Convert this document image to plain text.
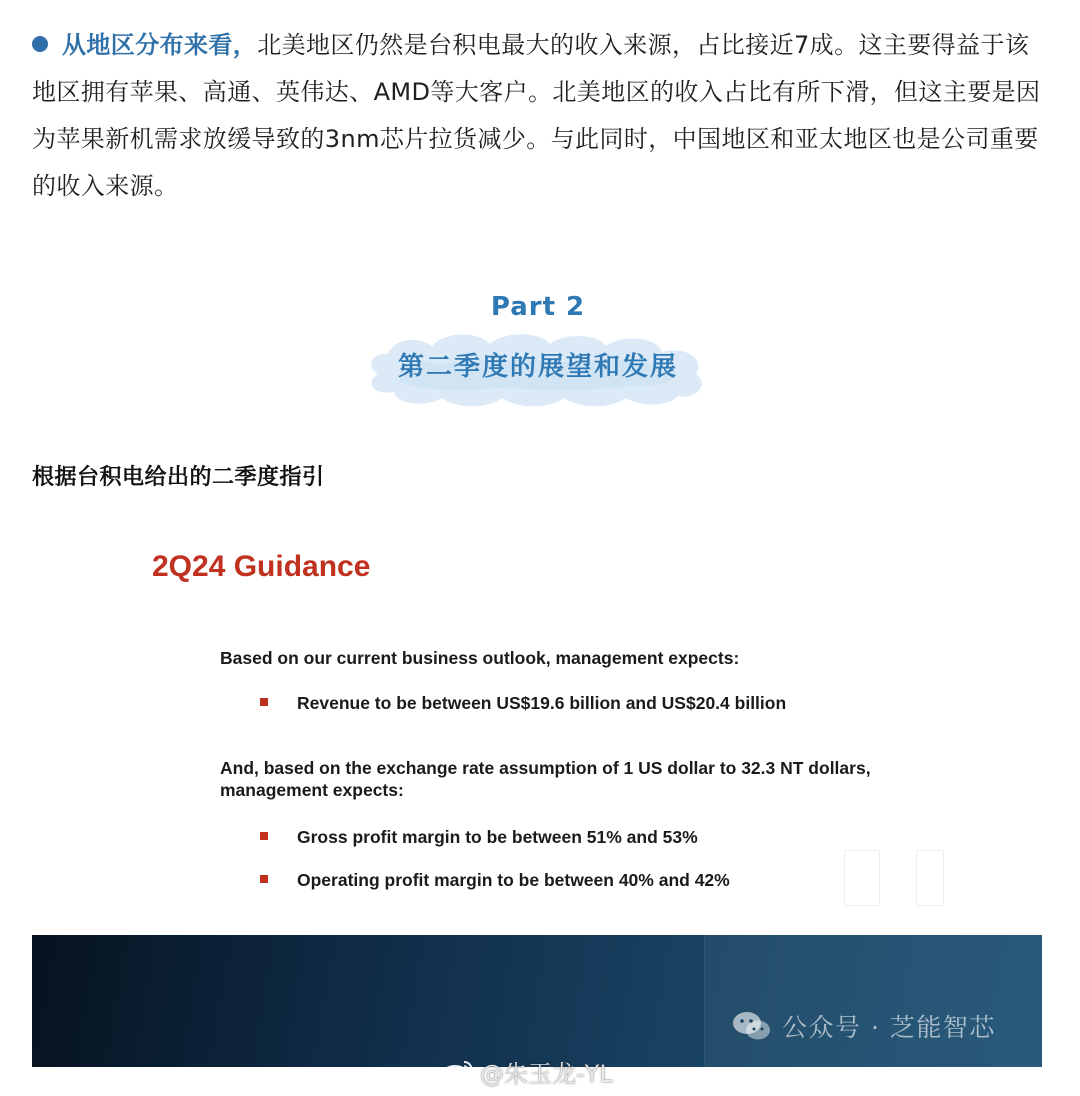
从地区分布来看，北美地区仍然是台积电最大的收入来源，占比接近7成。这主要得益于该地区拥有苹果、高通、英伟达、AMD等大客户。北美地区的收入占比有所下滑，但这主要是因为苹果新机需求放缓导致的3nm芯片拉货减少。与此同时，中国地区和亚太地区也是公司重要的收入来源。
Part 2
第二季度的展望和发展
根据台积电给出的二季度指引
2Q24 Guidance
Based on our current business outlook, management expects:
Revenue to be between US$19.6 billion and US$20.4 billion
And, based on the exchange rate assumption of 1 US dollar to 32.3 NT dollars,
management expects:
Gross profit margin to be between 51% and 53%
Operating profit margin to be between 40% and 42%
公众号 · 芝能智芯
@朱玉龙-YL
